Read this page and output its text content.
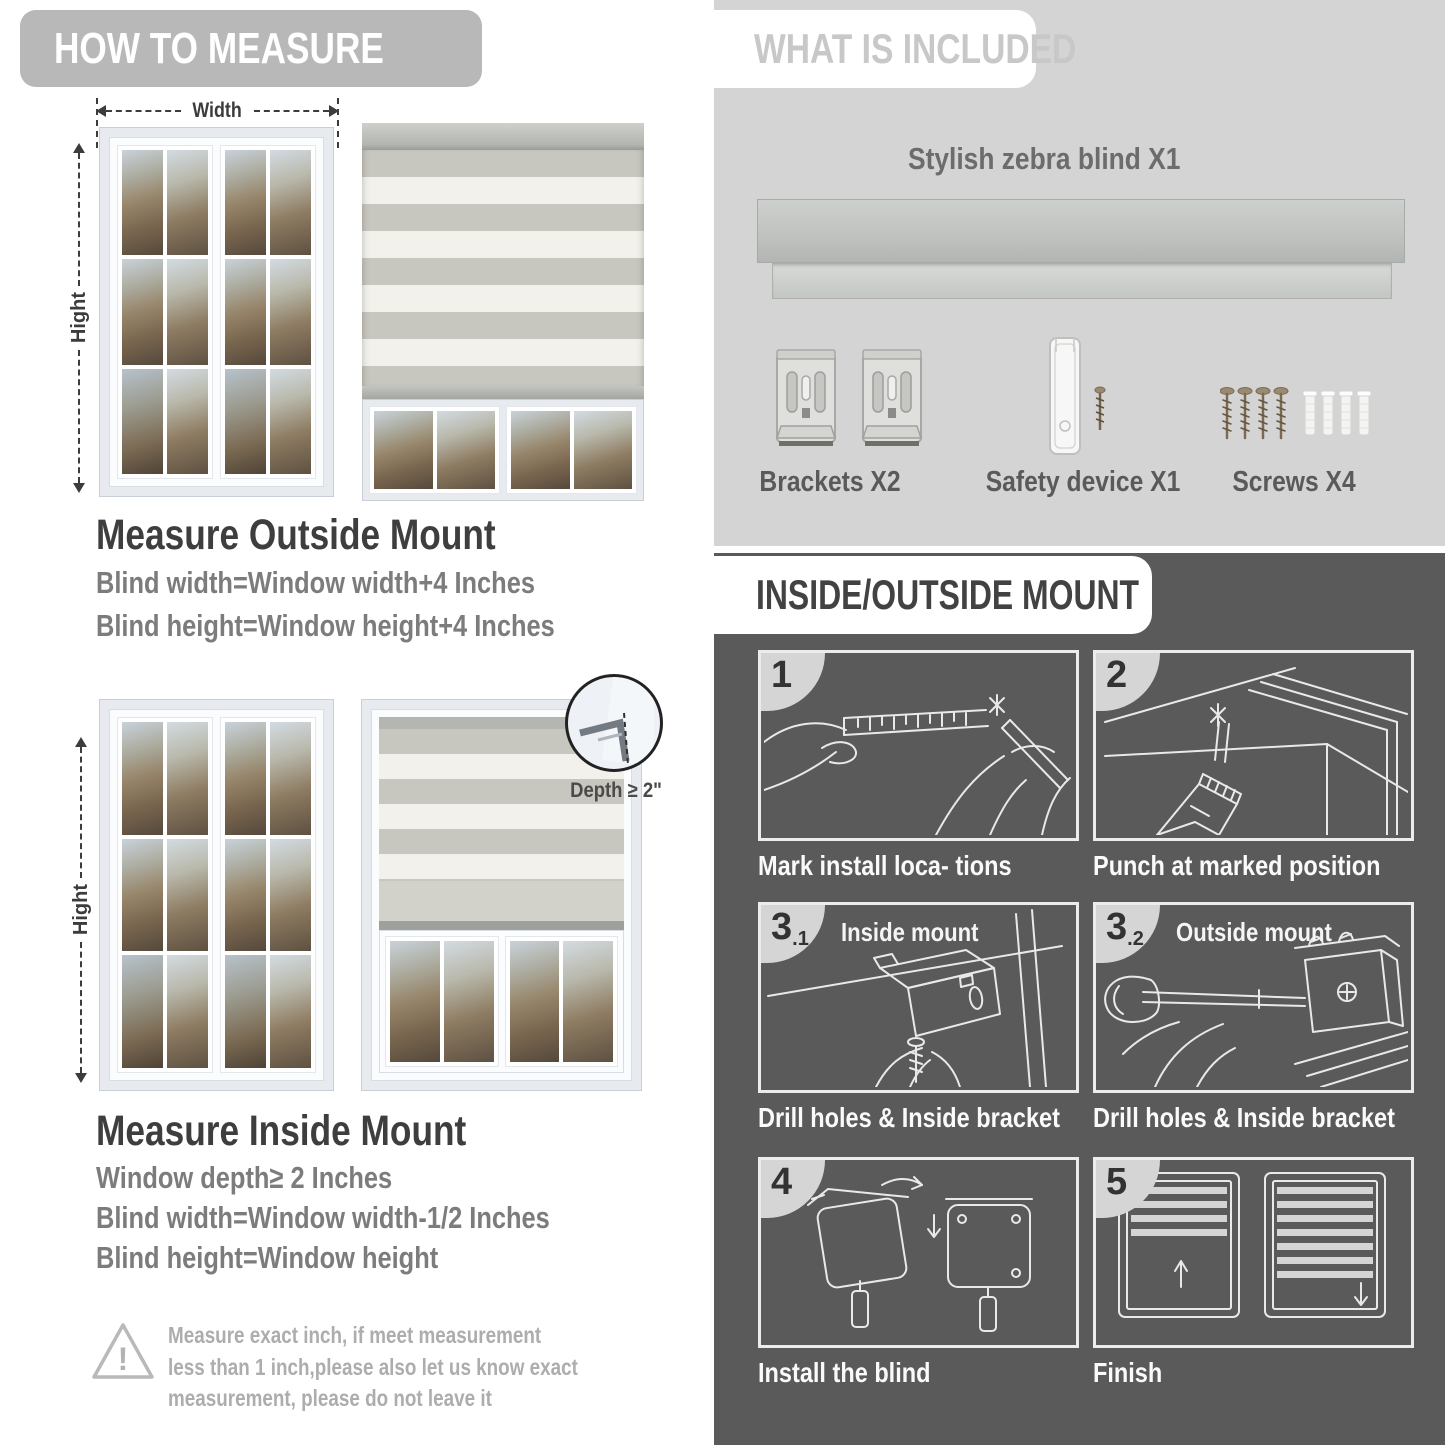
HOW TO MEASURE
Width
Hight
Measure Outside Mount
Blind width=Window width+4 Inches
Blind height=Window height+4 Inches
Hight
Depth ≥ 2"
Measure Inside Mount
Window depth≥ 2 Inches
Blind width=Window width-1/2 Inches
Blind height=Window height
!
Measure exact inch, if meet measurement less than 1 inch,please also let us know exact measurement, please do not leave it
WHAT IS INCLUDED
Stylish zebra blind X1
Brackets X2	Safety device X1 Screws X4
INSIDE/OUTSIDE MOUNT
1
Mark install loca- tions
2
Punch at marked position
3.1	Inside mount
Drill holes & Inside bracket
3.2	Outside mount
Drill holes & Inside bracket
4
Install the blind
5
Finish
